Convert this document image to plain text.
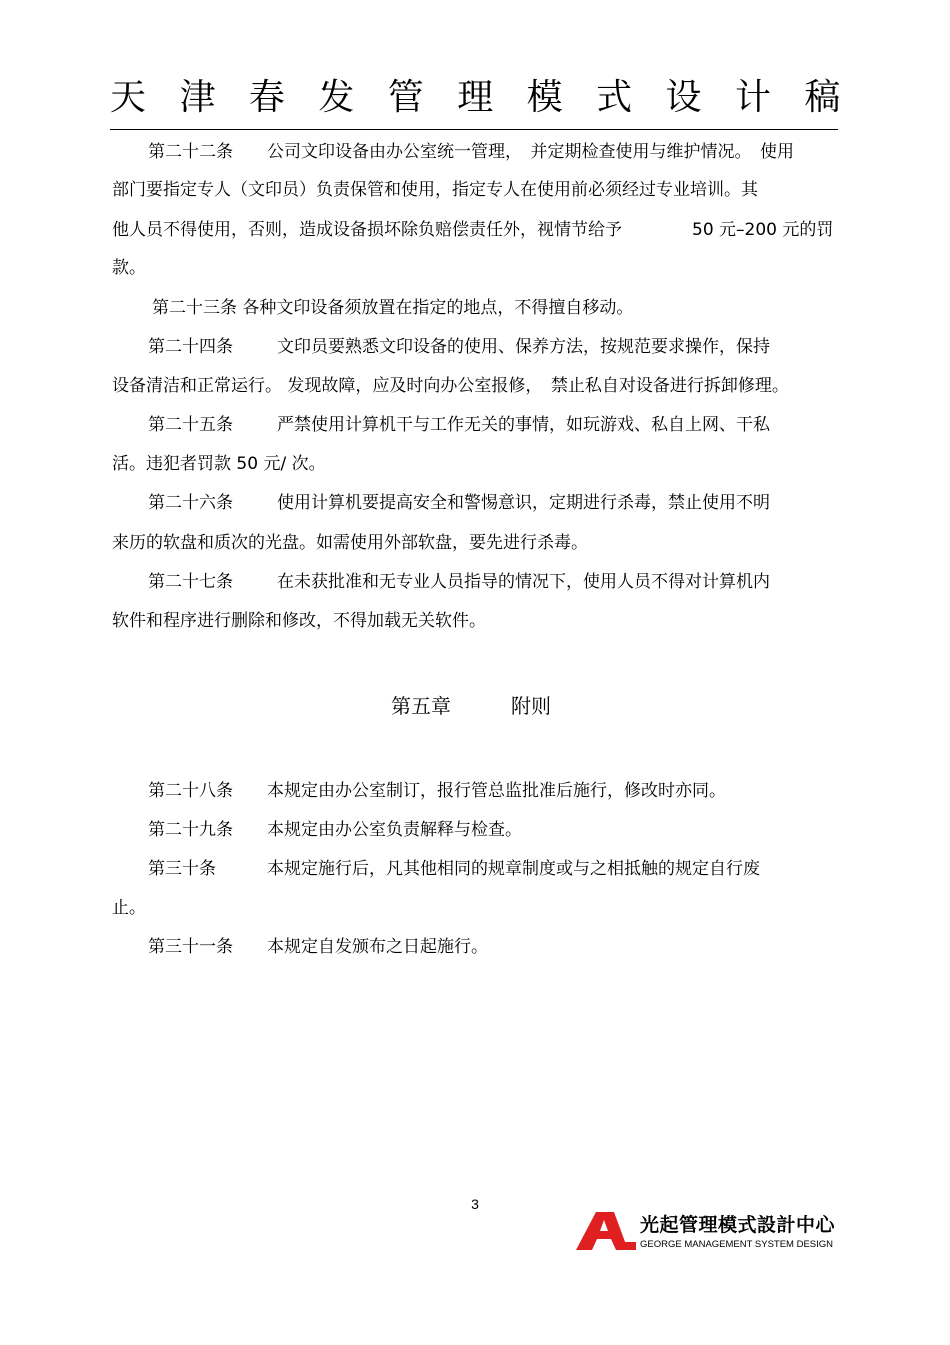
天 津 春 发 管 理 模 式 设 计 稿
第二十二条 公司文印设备由办公室统一管理，　并定期检查使用与维护情况。　使用
部门要指定专人（文印员）负责保管和使用，指定专人在使用前必须经过专业培训。其
他人员不得使用，否则，造成设备损坏除负赔偿责任外，视情节给予	50 元–200 元的罚
款。
第二十三条 各种文印设备须放置在指定的地点，不得擅自移动。
第二十四条	文印员要熟悉文印设备的使用、保养方法，按规范要求操作，保持
设备清洁和正常运行。 发现故障，应及时向办公室报修，　禁止私自对设备进行拆卸修理。
第二十五条	严禁使用计算机干与工作无关的事情，如玩游戏、私自上网、干私
活。违犯者罚款 50 元/ 次。
第二十六条	使用计算机要提高安全和警惕意识，定期进行杀毒，禁止使用不明
来历的软盘和质次的光盘。如需使用外部软盘，要先进行杀毒。
第二十七条	在未获批准和无专业人员指导的情况下，使用人员不得对计算机内
软件和程序进行删除和修改，不得加载无关软件。
第五章	附则
第二十八条 本规定由办公室制订，报行管总监批准后施行，修改时亦同。
第二十九条 本规定由办公室负责解释与检查。
第三十条	本规定施行后，凡其他相同的规章制度或与之相抵触的规定自行废
止。
第三十一条 本规定自发颁布之日起施行。
3
光起管理模式設計中心
GEORGE MANAGEMENT SYSTEM DESIGN
